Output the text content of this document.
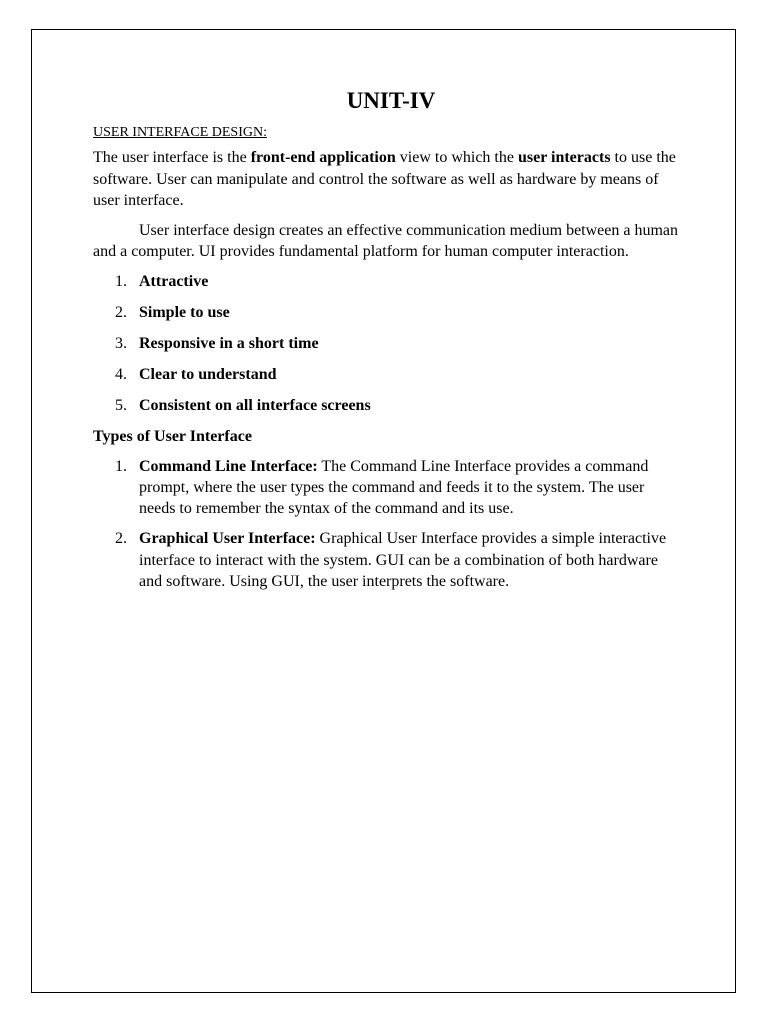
UNIT-IV
USER INTERFACE DESIGN:

The user interface is the front-end application view to which the user interacts to use the software. User can manipulate and control the software as well as hardware by means of user interface.

User interface design creates an effective communication medium between a human and a computer. UI provides fundamental platform for human computer interaction.

1. Attractive
2. Simple to use
3. Responsive in a short time
4. Clear to understand
5. Consistent on all interface screens
Types of User Interface
1. Command Line Interface: The Command Line Interface provides a command prompt, where the user types the command and feeds it to the system. The user needs to remember the syntax of the command and its use.
2. Graphical User Interface: Graphical User Interface provides a simple interactive interface to interact with the system. GUI can be a combination of both hardware and software. Using GUI, the user interprets the software.
